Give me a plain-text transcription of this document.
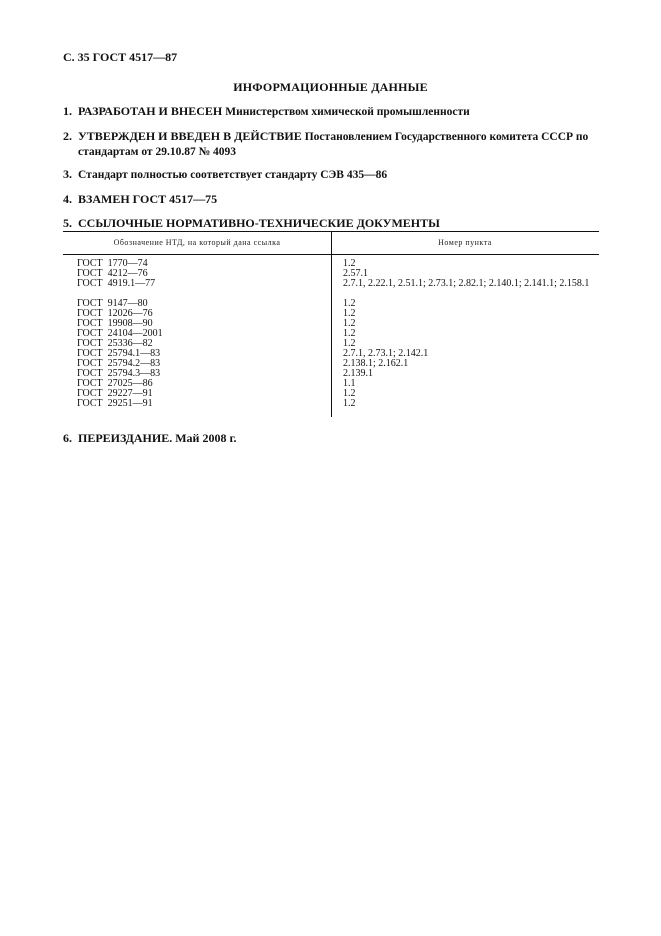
С. 35 ГОСТ 4517—87
ИНФОРМАЦИОННЫЕ ДАННЫЕ
1. РАЗРАБОТАН И ВНЕСЕН Министерством химической промышленности
2. УТВЕРЖДЕН И ВВЕДЕН В ДЕЙСТВИЕ Постановлением Государственного комитета СССР по стандартам от 29.10.87 № 4093
3. Стандарт полностью соответствует стандарту СЭВ 435—86
4. ВЗАМЕН ГОСТ 4517—75
5. ССЫЛОЧНЫЕ НОРМАТИВНО-ТЕХНИЧЕСКИЕ ДОКУМЕНТЫ
Обозначение НТД, на который дана ссылка	Номер пункта
ГОСТ  1770—74
ГОСТ  4212—76
ГОСТ  4919.1—77
ГОСТ  9147—80
ГОСТ  12026—76
ГОСТ  19908—90
ГОСТ  24104—2001
ГОСТ  25336—82
ГОСТ  25794.1—83
ГОСТ  25794.2—83
ГОСТ  25794.3—83
ГОСТ  27025—86
ГОСТ  29227—91
ГОСТ  29251—91
1.2
2.57.1
2.7.1, 2.22.1, 2.51.1; 2.73.1; 2.82.1; 2.140.1; 2.141.1; 2.158.1
1.2
1.2
1.2
1.2
1.2
2.7.1, 2.73.1; 2.142.1
2.138.1; 2.162.1
2.139.1
1.1
1.2
1.2
6. ПЕРЕИЗДАНИЕ. Май 2008 г.
